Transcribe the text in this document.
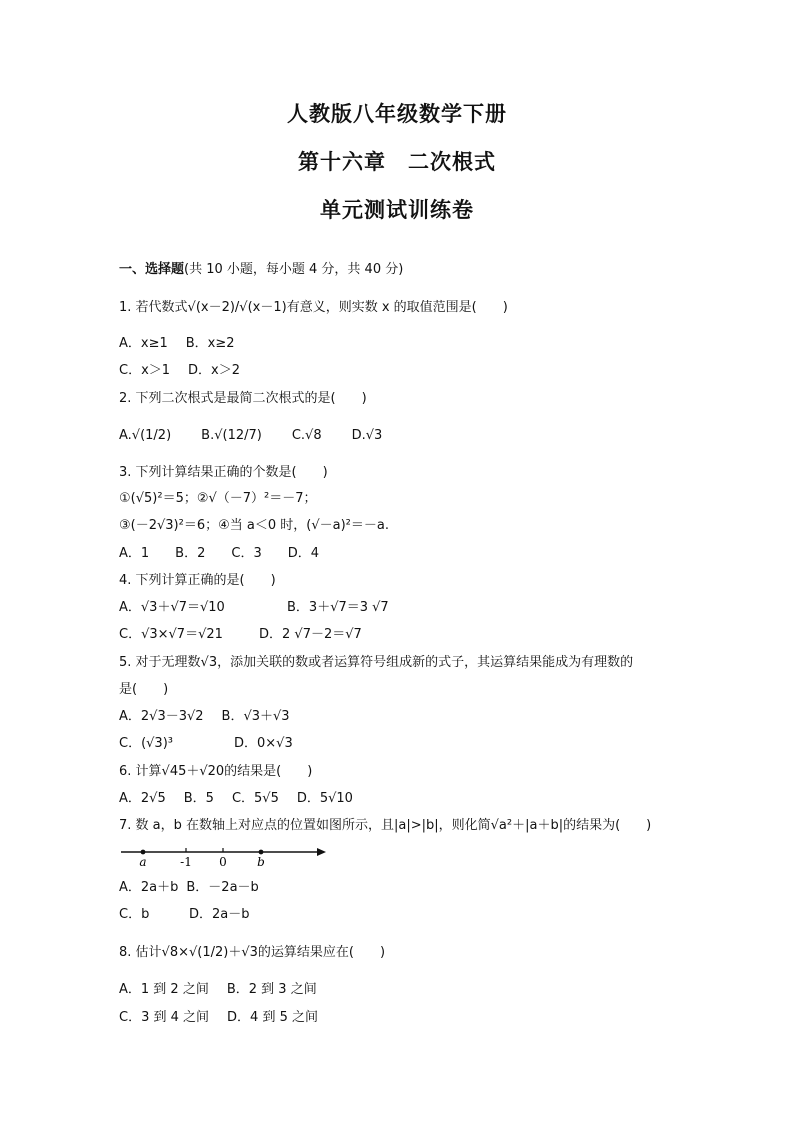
人教版八年级数学下册
第十六章　二次根式
单元测试训练卷
一、选择题(共 10 小题，每小题 4 分，共 40 分)
1. 若代数式√(x－2)/√(x－1)有意义，则实数 x 的取值范围是(　　)
A．x≥1 B．x≥2
C．x＞1 D．x＞2
2. 下列二次根式是最简二次根式的是(　　)
A.√(1/2) B.√(12/7) C.√8 D.√3
3. 下列计算结果正确的个数是(　　)
①(√5)²＝5；②√（－7）²＝－7；
③(－2√3)²＝6；④当 a＜0 时，(√－a)²＝－a.
A．1 B．2 C．3 D．4
4. 下列计算正确的是(　　)
A．√3＋√7＝√10	B．3＋√7＝3 √7
C．√3×√7＝√21	D．2 √7－2＝√7
5. 对于无理数√3，添加关联的数或者运算符号组成新的式子，其运算结果能成为有理数的
是(　　)
A．2√3－3√2 B．√3＋√3
C．(√3)³	D．0×√3
6. 计算√45＋√20的结果是(　　)
A．2√5 B．5 C．5√5 D．5√10
7. 数 a，b 在数轴上对应点的位置如图所示，且|a|>|b|，则化简√a²＋|a＋b|的结果为(　　)
a	-1 0	b
A．2a＋b B．－2a－b
C．b	D．2a－b
8. 估计√8×√(1/2)＋√3的运算结果应在(　　)
A．1 到 2 之间 B．2 到 3 之间
C．3 到 4 之间 D．4 到 5 之间
